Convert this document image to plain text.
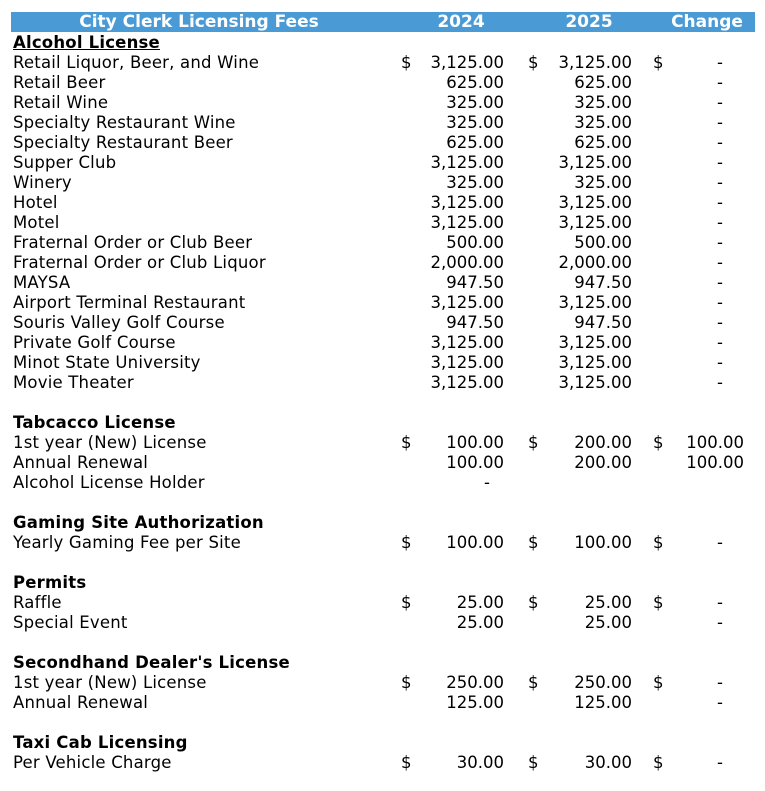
City Clerk Licensing Fees	2024	2025	Change
Alcohol License
Retail Liquor, Beer, and Wine	$	3,125.00 $	3,125.00 $	-
Retail Beer	625.00	625.00	-
Retail Wine	325.00	325.00	-
Specialty Restaurant Wine	325.00	325.00	-
Specialty Restaurant Beer	625.00	625.00	-
Supper Club	3,125.00	3,125.00	-
Winery	325.00	325.00	-
Hotel	3,125.00	3,125.00	-
Motel	3,125.00	3,125.00	-
Fraternal Order or Club Beer	500.00	500.00	-
Fraternal Order or Club Liquor	2,000.00	2,000.00	-
MAYSA	947.50	947.50	-
Airport Terminal Restaurant	3,125.00	3,125.00	-
Souris Valley Golf Course	947.50	947.50	-
Private Golf Course	3,125.00	3,125.00	-
Minot State University	3,125.00	3,125.00	-
Movie Theater	3,125.00	3,125.00	-
Tabcacco License
1st year (New) License	$	100.00 $	200.00 $	100.00
Annual Renewal	100.00	200.00	100.00
Alcohol License Holder	-
Gaming Site Authorization
Yearly Gaming Fee per Site	$	100.00 $	100.00 $	-
Permits
Raffle	$	25.00 $	25.00 $	-
Special Event	25.00	25.00	-
Secondhand Dealer's License
1st year (New) License	$	250.00 $	250.00 $	-
Annual Renewal	125.00	125.00	-
Taxi Cab Licensing
Per Vehicle Charge	$	30.00 $	30.00 $	-
